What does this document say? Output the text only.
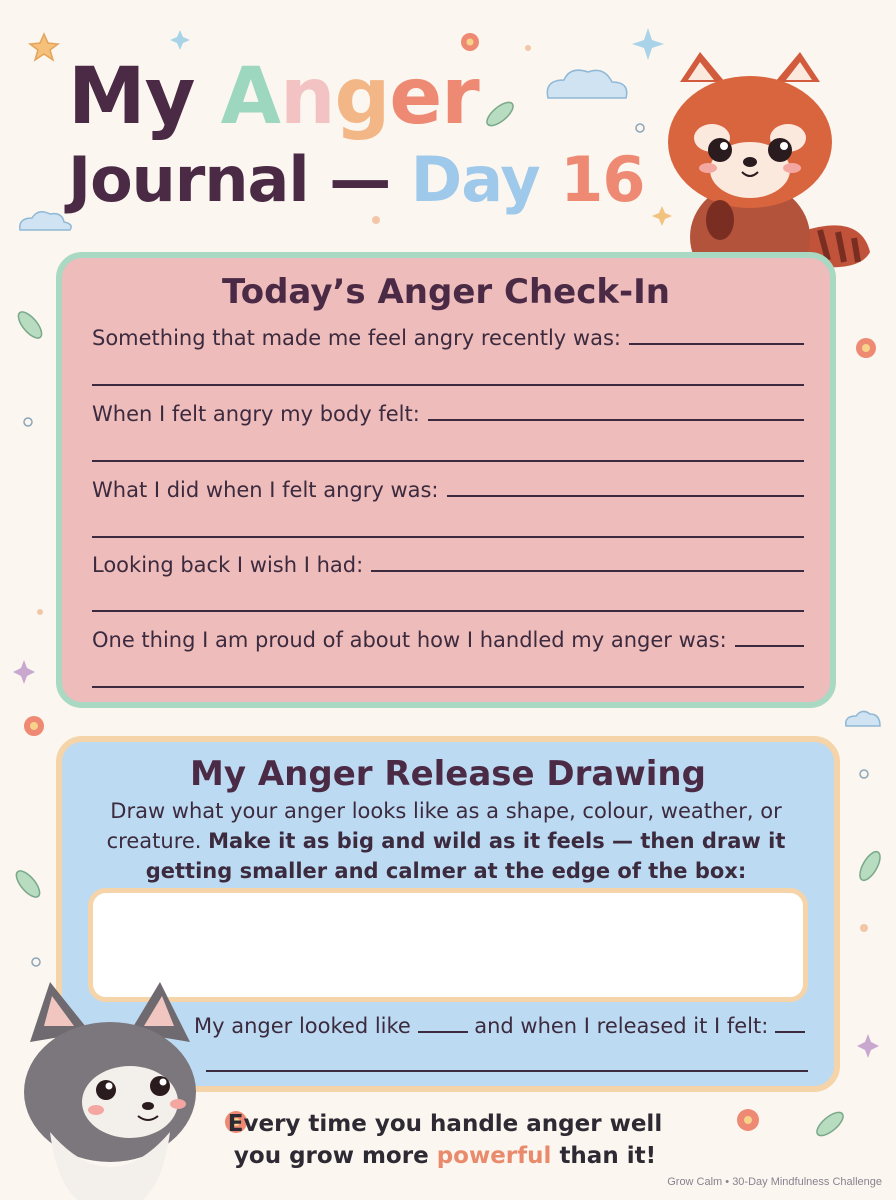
My Anger
Journal — Day 16
Today’s Anger Check-In
Something that made me feel angry recently was:
When I felt angry my body felt:
What I did when I felt angry was:
Looking back I wish I had:
One thing I am proud of about how I handled my anger was:
My Anger Release Drawing
Draw what your anger looks like as a shape, colour, weather, or creature. Make it as big and wild as it feels — then draw it getting smaller and calmer at the edge of the box:
My anger looked like	and when I released it I felt:
Every time you handle anger well
you grow more powerful than it!
Grow Calm • 30-Day Mindfulness Challenge
